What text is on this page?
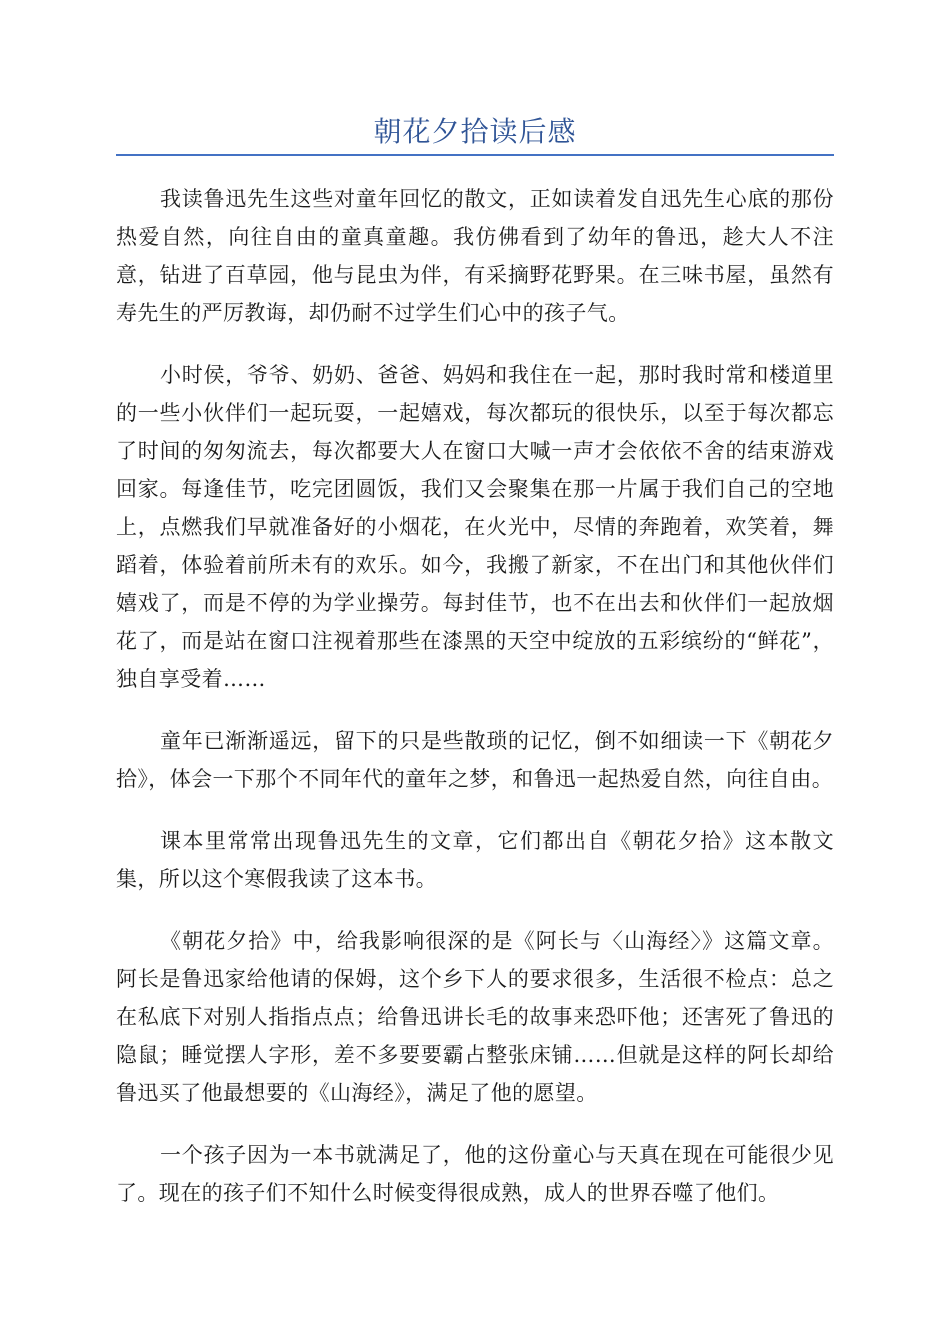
朝花夕拾读后感

我读鲁迅先生这些对童年回忆的散文，正如读着发自迅先生心底的那份热爱自然，向往自由的童真童趣。我仿佛看到了幼年的鲁迅，趁大人不注意，钻进了百草园，他与昆虫为伴，有采摘野花野果。在三味书屋，虽然有寿先生的严厉教诲，却仍耐不过学生们心中的孩子气。

小时侯，爷爷、奶奶、爸爸、妈妈和我住在一起，那时我时常和楼道里的一些小伙伴们一起玩耍，一起嬉戏，每次都玩的很快乐，以至于每次都忘了时间的匆匆流去，每次都要大人在窗口大喊一声才会依依不舍的结束游戏回家。每逢佳节，吃完团圆饭，我们又会聚集在那一片属于我们自己的空地上，点燃我们早就准备好的小烟花，在火光中，尽情的奔跑着，欢笑着，舞蹈着，体验着前所未有的欢乐。如今，我搬了新家，不在出门和其他伙伴们嬉戏了，而是不停的为学业操劳。每封佳节，也不在出去和伙伴们一起放烟花了，而是站在窗口注视着那些在漆黑的天空中绽放的五彩缤纷的“鲜花”，独自享受着……

童年已渐渐遥远，留下的只是些散琐的记忆，倒不如细读一下《朝花夕拾》，体会一下那个不同年代的童年之梦，和鲁迅一起热爱自然，向往自由。

课本里常常出现鲁迅先生的文章，它们都出自《朝花夕拾》这本散文集，所以这个寒假我读了这本书。

《朝花夕拾》中，给我影响很深的是《阿长与〈山海经〉》这篇文章。阿长是鲁迅家给他请的保姆，这个乡下人的要求很多，生活很不检点：总之在私底下对别人指指点点；给鲁迅讲长毛的故事来恐吓他；还害死了鲁迅的隐鼠；睡觉摆人字形，差不多要要霸占整张床铺……但就是这样的阿长却给鲁迅买了他最想要的《山海经》，满足了他的愿望。

一个孩子因为一本书就满足了，他的这份童心与天真在现在可能很少见了。现在的孩子们不知什么时候变得很成熟，成人的世界吞噬了他们。
